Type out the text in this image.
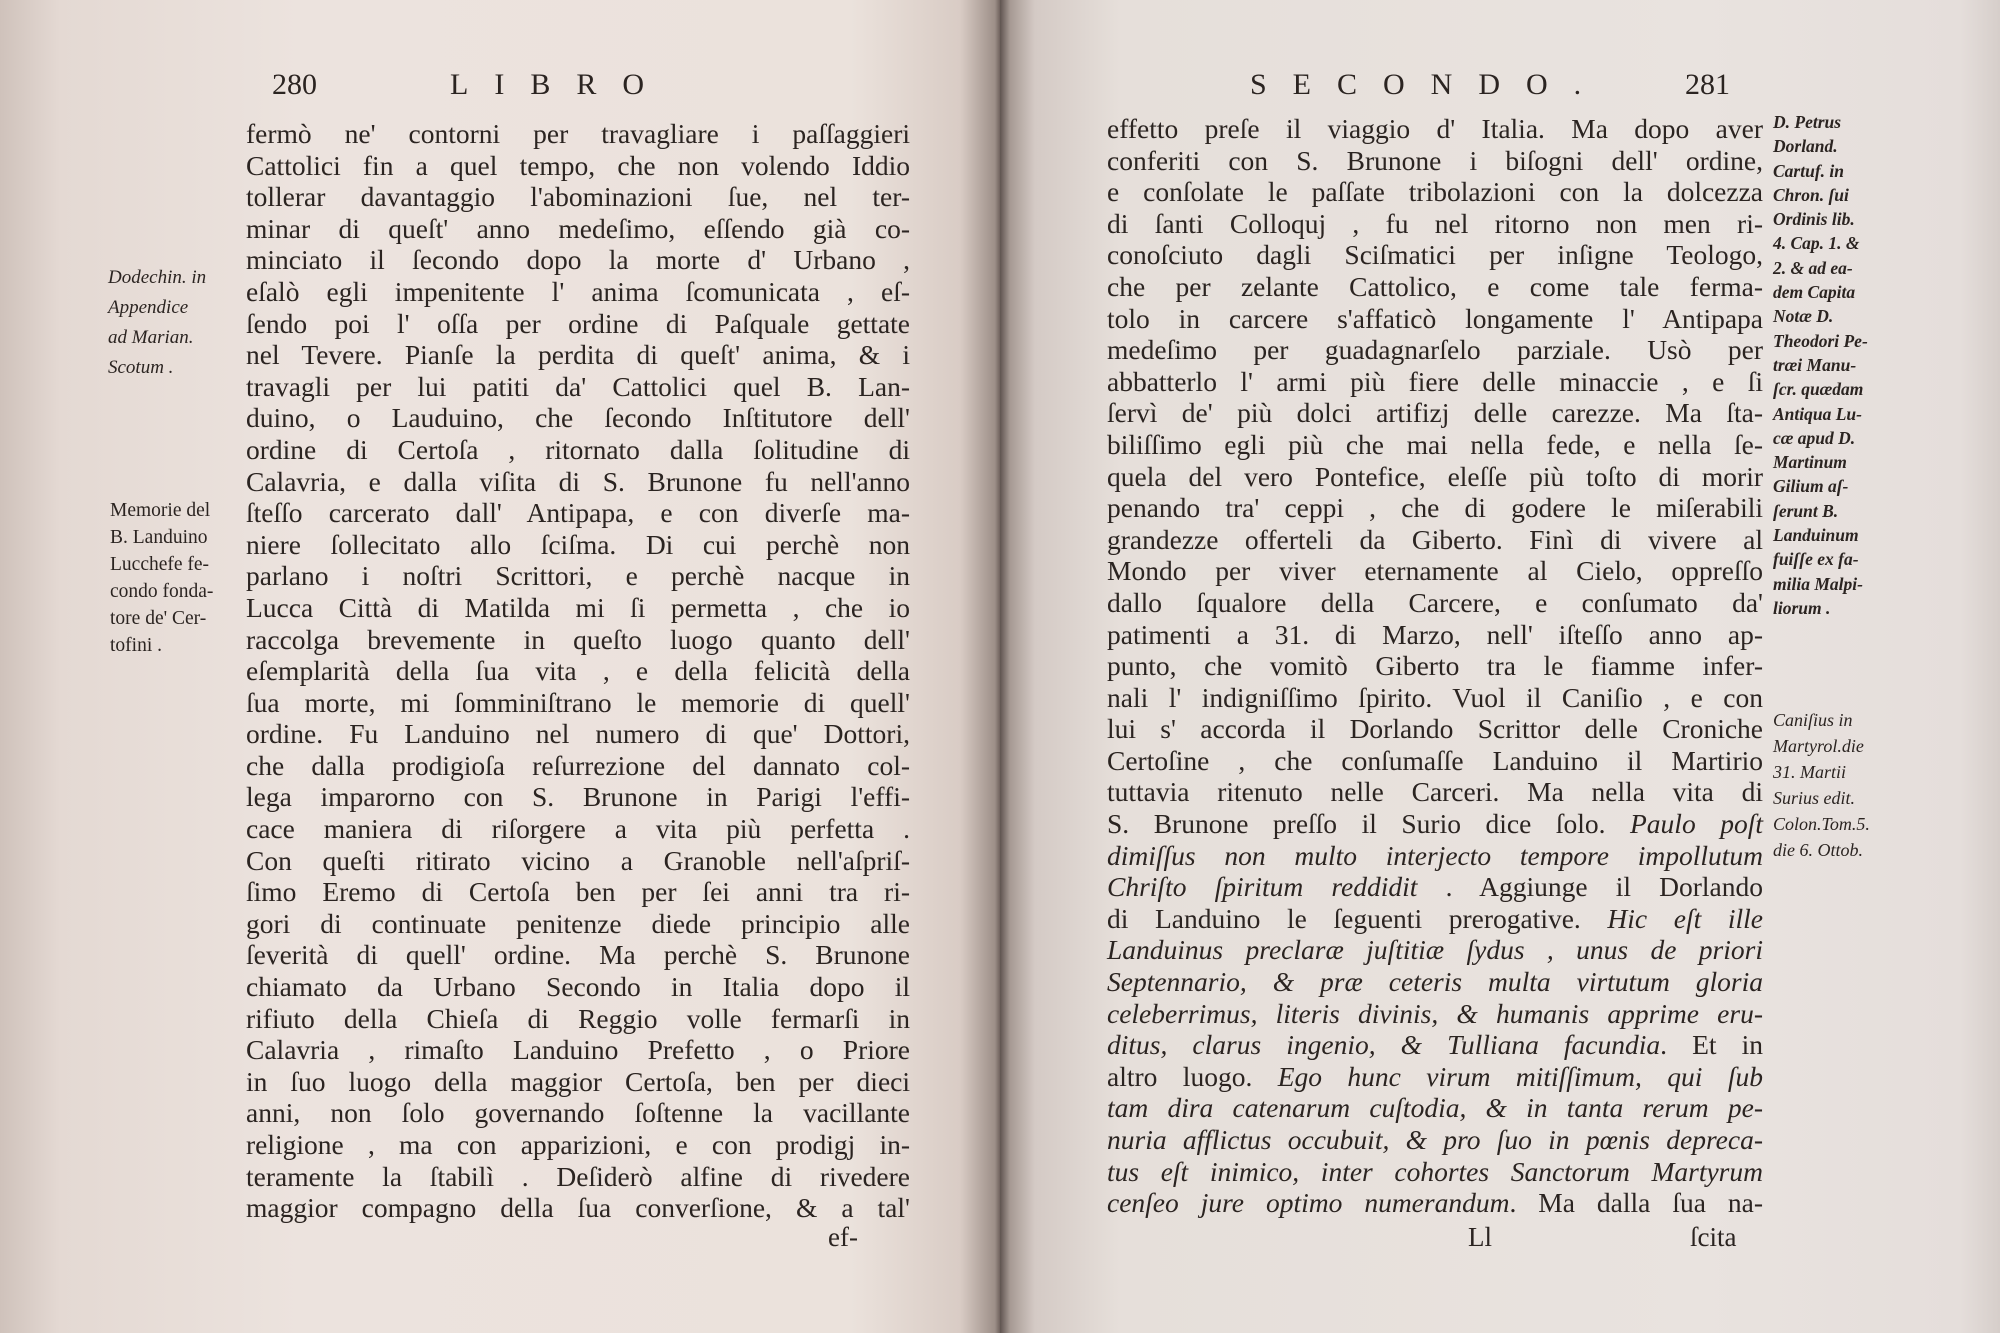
280	LIBRO
Dodechin. in
Appendice
ad Marian.
Scotum .
Memorie del
B. Landuino
Lucchefe fe-
condo fonda-
tore de' Cer-
tofini .
fermò ne' contorni per travagliare i paſſaggieri
Cattolici fin a quel tempo, che non volendo Iddio
tollerar davantaggio l'abominazioni ſue, nel ter-
minar di queſt' anno medeſimo, eſſendo già co-
minciato il ſecondo dopo la morte d' Urbano ,
eſalò egli impenitente l' anima ſcomunicata , eſ-
ſendo poi l' oſſa per ordine di Paſquale gettate
nel Tevere. Pianſe la perdita di queſt' anima, & i
travagli per lui patiti da' Cattolici quel B. Lan-
duino, o Lauduino, che ſecondo Inſtitutore dell'
ordine di Certoſa , ritornato dalla ſolitudine di
Calavria, e dalla viſita di S. Brunone fu nell'anno
ſteſſo carcerato dall' Antipapa, e con diverſe ma-
niere ſollecitato allo ſciſma. Di cui perchè non
parlano i noſtri Scrittori, e perchè nacque in
Lucca Città di Matilda mi ſi permetta , che io
raccolga brevemente in queſto luogo quanto dell'
eſemplarità della ſua vita , e della felicità della
ſua morte, mi ſomminiſtrano le memorie di quell'
ordine. Fu Landuino nel numero di que' Dottori,
che dalla prodigioſa reſurrezione del dannato col-
lega imparorno con S. Brunone in Parigi l'effi-
cace maniera di riſorgere a vita più perfetta .
Con queſti ritirato vicino a Granoble nell'aſpriſ-
ſimo Eremo di Certoſa ben per ſei anni tra ri-
gori di continuate penitenze diede principio alle
ſeverità di quell' ordine. Ma perchè S. Brunone
chiamato da Urbano Secondo in Italia dopo il
rifiuto della Chieſa di Reggio volle fermarſi in
Calavria , rimaſto Landuino Prefetto , o Priore
in ſuo luogo della maggior Certoſa, ben per dieci
anni, non ſolo governando ſoſtenne la vacillante
religione , ma con apparizioni, e con prodigj in-
teramente la ſtabilì . Deſiderò alfine di rivedere
maggior compagno della ſua converſione, & a tal'
ef-
SECONDO.	281
effetto preſe il viaggio d' Italia. Ma dopo aver
conferiti con S. Brunone i biſogni dell' ordine,
e conſolate le paſſate tribolazioni con la dolcezza
di ſanti Colloquj , fu nel ritorno non men ri-
conoſciuto dagli Sciſmatici per inſigne Teologo,
che per zelante Cattolico, e come tale ferma-
tolo in carcere s'affaticò longamente l' Antipapa
medeſimo per guadagnarſelo parziale. Usò per
abbatterlo l' armi più fiere delle minaccie , e ſi
ſervì de' più dolci artifizj delle carezze. Ma ſta-
biliſſimo egli più che mai nella fede, e nella ſe-
quela del vero Pontefice, eleſſe più toſto di morir
penando tra' ceppi , che di godere le miſerabili
grandezze offerteli da Giberto. Finì di vivere al
Mondo per viver eternamente al Cielo, oppreſſo
dallo ſqualore della Carcere, e conſumato da'
patimenti a 31. di Marzo, nell' iſteſſo anno ap-
punto, che vomitò Giberto tra le fiamme infer-
nali l' indigniſſimo ſpirito. Vuol il Caniſio , e con
lui s' accorda il Dorlando Scrittor delle Croniche
Certoſine , che conſumaſſe Landuino il Martirio
tuttavia ritenuto nelle Carceri. Ma nella vita di
S. Brunone preſſo il Surio dice ſolo. Paulo poſt
dimiſſus non multo interjecto tempore impollutum
Chriſto ſpiritum reddidit . Aggiunge il Dorlando
di Landuino le ſeguenti prerogative. Hic eſt ille
Landuinus preclaræ juſtitiæ ſydus , unus de priori
Septennario, & præ ceteris multa virtutum gloria
celeberrimus, literis divinis, & humanis apprime eru-
ditus, clarus ingenio, & Tulliana facundia. Et in
altro luogo. Ego hunc virum mitiſſimum, qui ſub
tam dira catenarum cuſtodia, & in tanta rerum pe-
nuria afflictus occubuit, & pro ſuo in pœnis depreca-
tus eſt inimico, inter cohortes Sanctorum Martyrum
cenſeo jure optimo numerandum. Ma dalla ſua na-
D. Petrus
Dorland.
Cartuf. in
Chron. ſui
Ordinis lib.
4. Cap. 1. &
2. & ad ea-
dem Capita
Notæ D.
Theodori Pe-
træi Manu-
ſcr. quædam
Antiqua Lu-
cæ apud D.
Martinum
Gilium aſ-
ſerunt B.
Landuinum
fuiſſe ex fa-
milia Malpi-
liorum .
Caniſius in
Martyrol.die
31. Martii
Surius edit.
Colon.Tom.5.
die 6. Ottob.
Ll	ſcita
